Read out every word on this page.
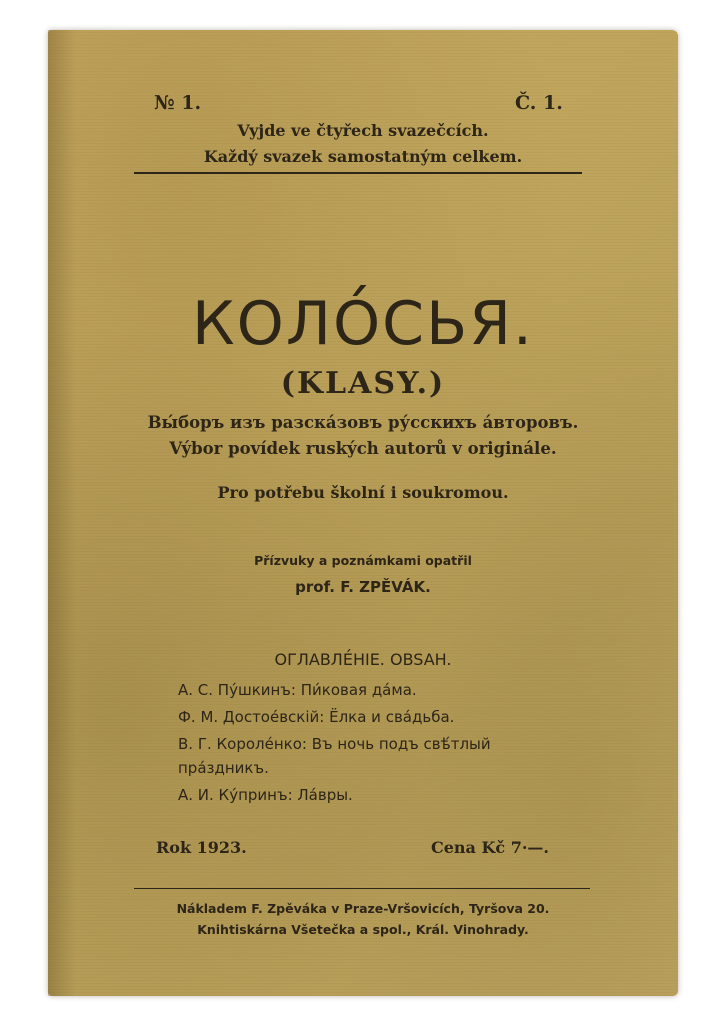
№ 1.	Č. 1.
Vyjde ve čtyřech svazečcích.
Každý svazek samostatným celkem.
КОЛО́СЬЯ.
(KLASY.)
Вы́боръ изъ разска́зовъ ру́сскихъ а́второвъ.
Výbor povídek ruských autorů v originále.
Pro potřebu školní i soukromou.
Přízvuky a poznámkami opatřil
prof. F. ZPĚVÁK.
ОГЛАВЛЕ́НІЕ. OBSAH.
А. С. Пу́шкинъ: Пи́ковая да́ма.
Ф. М. Достое́вскій: Ёлка и сва́дьба.
В. Г. Короле́нко: Въ ночь подъ свѣ́тлый
пра́здникъ.
А. И. Ку́принъ: Ла́вры.
Rok 1923.	Cena Kč 7·—.
Nákladem F. Zpěváka v Praze-Vršovicích, Tyršova 20.
Knihtiskárna Všetečka a spol., Král. Vinohrady.
